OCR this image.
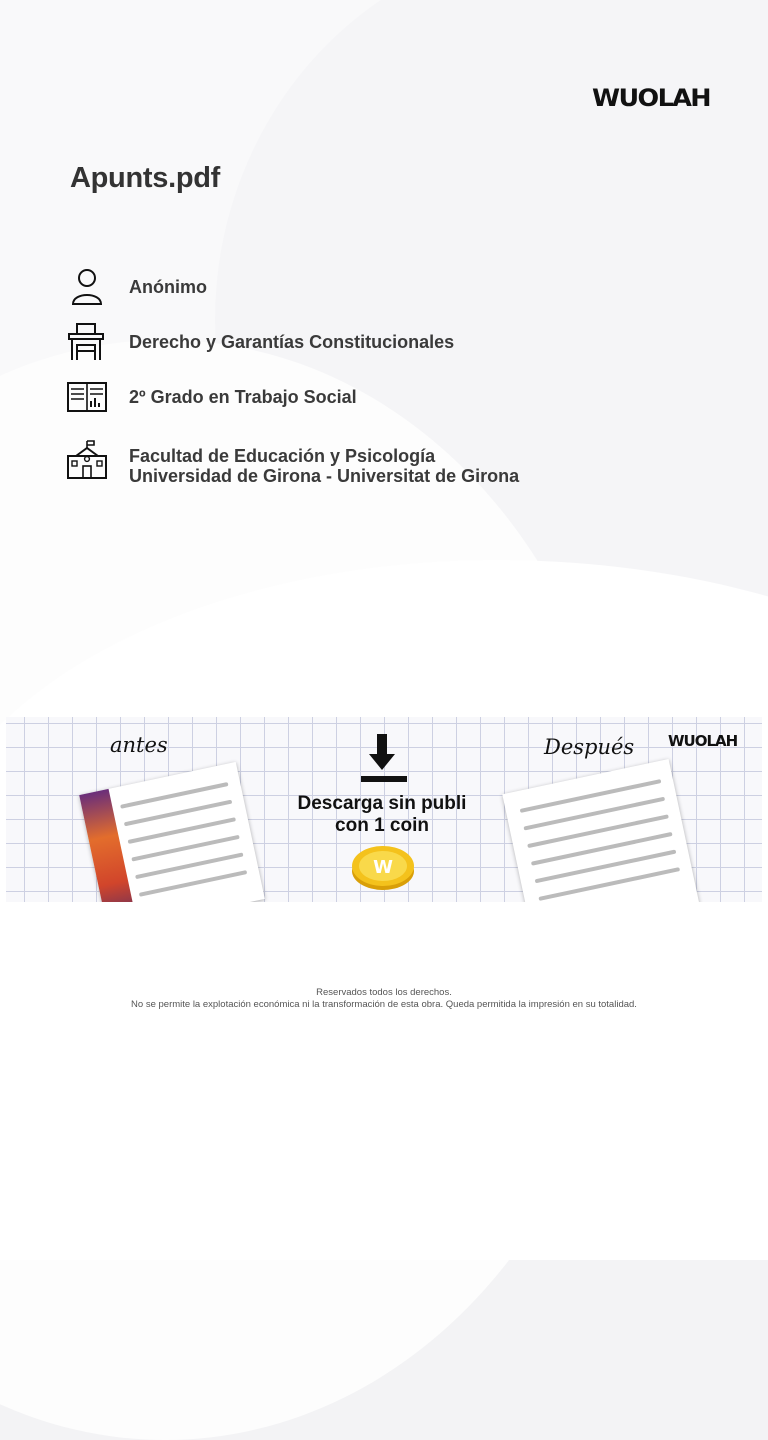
WUOLAH
Apunts.pdf
Anónimo
Derecho y Garantías Constitucionales
2º Grado en Trabajo Social
Facultad de Educación y Psicología
Universidad de Girona - Universitat de Girona
antes
Descarga sin publi con 1 coin
W
Después WUOLAH
Reservados todos los derechos.
No se permite la explotación económica ni la transformación de esta obra. Queda permitida la impresión en su totalidad.
